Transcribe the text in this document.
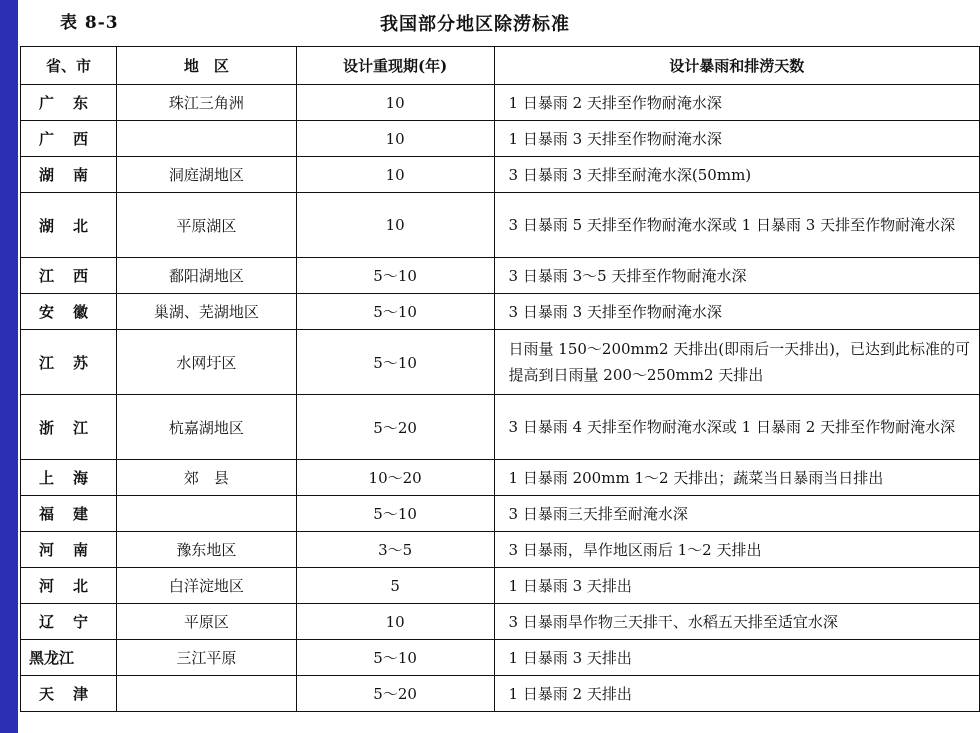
表 8-3	我国部分地区除涝标准
省、市	地　区	设计重现期(年)	设计暴雨和排涝天数
广　东	珠江三角洲	10	1 日暴雨 2 天排至作物耐淹水深
广　西		10	1 日暴雨 3 天排至作物耐淹水深
湖　南	洞庭湖地区	10	3 日暴雨 3 天排至耐淹水深(50mm)
湖　北	平原湖区	10	3 日暴雨 5 天排至作物耐淹水深或 1 日暴雨 3 天排至作物耐淹水深
江　西	鄱阳湖地区	5～10	3 日暴雨 3～5 天排至作物耐淹水深
安　徽	巢湖、芜湖地区	5～10	3 日暴雨 3 天排至作物耐淹水深
江　苏	水网圩区	5～10	日雨量 150～200mm2 天排出(即雨后一天排出)，已达到此标准的可提高到日雨量 200～250mm2 天排出
浙　江	杭嘉湖地区	5～20	3 日暴雨 4 天排至作物耐淹水深或 1 日暴雨 2 天排至作物耐淹水深
上　海	郊　县	10～20	1 日暴雨 200mm 1～2 天排出；蔬菜当日暴雨当日排出
福　建		5～10	3 日暴雨三天排至耐淹水深
河　南	豫东地区	3～5	3 日暴雨，旱作地区雨后 1～2 天排出
河　北	白洋淀地区	5	1 日暴雨 3 天排出
辽　宁	平原区	10	3 日暴雨旱作物三天排干、水稻五天排至适宜水深
黑龙江	三江平原	5～10	1 日暴雨 3 天排出
天　津		5～20	1 日暴雨 2 天排出
